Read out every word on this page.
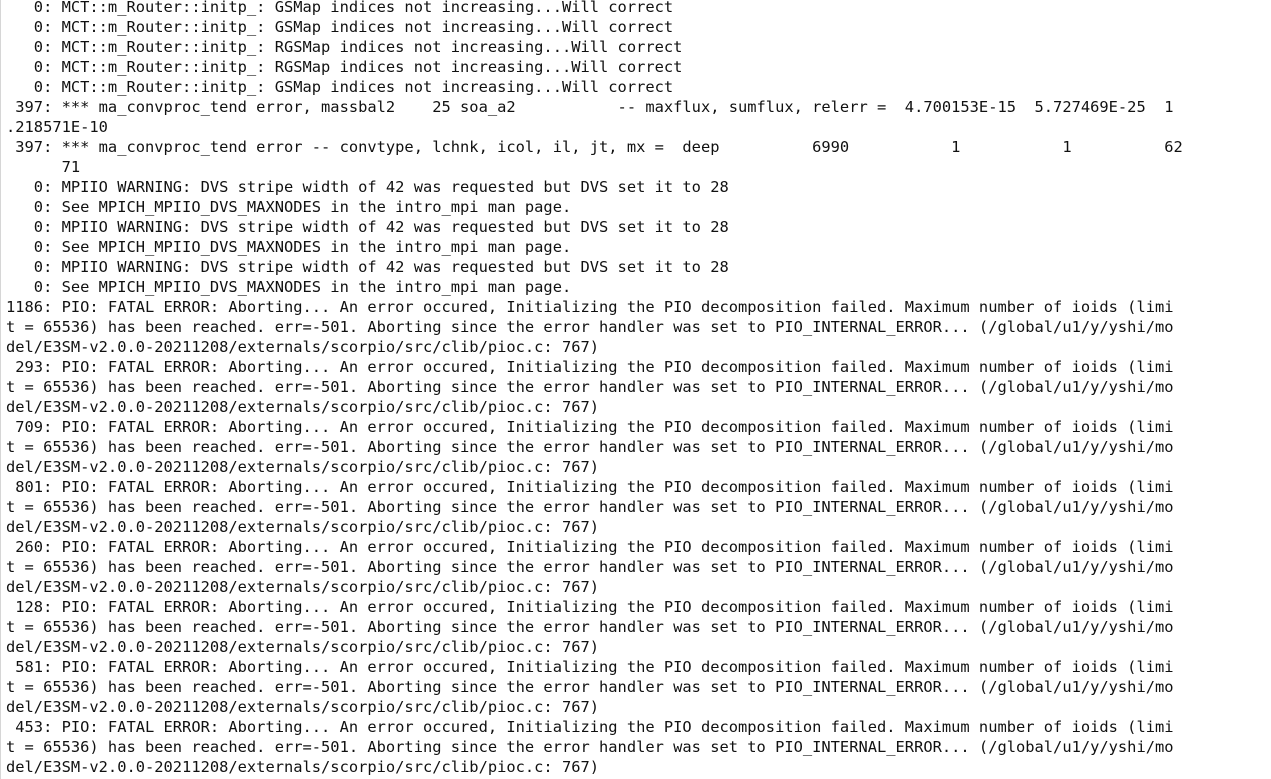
0: MCT::m_Router::initp_: GSMap indices not increasing...Will correct
0: MCT::m_Router::initp_: GSMap indices not increasing...Will correct
0: MCT::m_Router::initp_: RGSMap indices not increasing...Will correct
0: MCT::m_Router::initp_: RGSMap indices not increasing...Will correct
0: MCT::m_Router::initp_: GSMap indices not increasing...Will correct
397: *** ma_convproc_tend error, massbal2    25 soa_a2           -- maxflux, sumflux, relerr =  4.700153E-15  5.727469E-25  1
.218571E-10
397: *** ma_convproc_tend error -- convtype, lchnk, icol, il, jt, mx =  deep          6990           1           1          62
71
0: MPIIO WARNING: DVS stripe width of 42 was requested but DVS set it to 28
0: See MPICH_MPIIO_DVS_MAXNODES in the intro_mpi man page.
0: MPIIO WARNING: DVS stripe width of 42 was requested but DVS set it to 28
0: See MPICH_MPIIO_DVS_MAXNODES in the intro_mpi man page.
0: MPIIO WARNING: DVS stripe width of 42 was requested but DVS set it to 28
0: See MPICH_MPIIO_DVS_MAXNODES in the intro_mpi man page.
1186: PIO: FATAL ERROR: Aborting... An error occured, Initializing the PIO decomposition failed. Maximum number of ioids (limi
t = 65536) has been reached. err=-501. Aborting since the error handler was set to PIO_INTERNAL_ERROR... (/global/u1/y/yshi/mo
del/E3SM-v2.0.0-20211208/externals/scorpio/src/clib/pioc.c: 767)
293: PIO: FATAL ERROR: Aborting... An error occured, Initializing the PIO decomposition failed. Maximum number of ioids (limi
t = 65536) has been reached. err=-501. Aborting since the error handler was set to PIO_INTERNAL_ERROR... (/global/u1/y/yshi/mo
del/E3SM-v2.0.0-20211208/externals/scorpio/src/clib/pioc.c: 767)
709: PIO: FATAL ERROR: Aborting... An error occured, Initializing the PIO decomposition failed. Maximum number of ioids (limi
t = 65536) has been reached. err=-501. Aborting since the error handler was set to PIO_INTERNAL_ERROR... (/global/u1/y/yshi/mo
del/E3SM-v2.0.0-20211208/externals/scorpio/src/clib/pioc.c: 767)
801: PIO: FATAL ERROR: Aborting... An error occured, Initializing the PIO decomposition failed. Maximum number of ioids (limi
t = 65536) has been reached. err=-501. Aborting since the error handler was set to PIO_INTERNAL_ERROR... (/global/u1/y/yshi/mo
del/E3SM-v2.0.0-20211208/externals/scorpio/src/clib/pioc.c: 767)
260: PIO: FATAL ERROR: Aborting... An error occured, Initializing the PIO decomposition failed. Maximum number of ioids (limi
t = 65536) has been reached. err=-501. Aborting since the error handler was set to PIO_INTERNAL_ERROR... (/global/u1/y/yshi/mo
del/E3SM-v2.0.0-20211208/externals/scorpio/src/clib/pioc.c: 767)
128: PIO: FATAL ERROR: Aborting... An error occured, Initializing the PIO decomposition failed. Maximum number of ioids (limi
t = 65536) has been reached. err=-501. Aborting since the error handler was set to PIO_INTERNAL_ERROR... (/global/u1/y/yshi/mo
del/E3SM-v2.0.0-20211208/externals/scorpio/src/clib/pioc.c: 767)
581: PIO: FATAL ERROR: Aborting... An error occured, Initializing the PIO decomposition failed. Maximum number of ioids (limi
t = 65536) has been reached. err=-501. Aborting since the error handler was set to PIO_INTERNAL_ERROR... (/global/u1/y/yshi/mo
del/E3SM-v2.0.0-20211208/externals/scorpio/src/clib/pioc.c: 767)
453: PIO: FATAL ERROR: Aborting... An error occured, Initializing the PIO decomposition failed. Maximum number of ioids (limi
t = 65536) has been reached. err=-501. Aborting since the error handler was set to PIO_INTERNAL_ERROR... (/global/u1/y/yshi/mo
del/E3SM-v2.0.0-20211208/externals/scorpio/src/clib/pioc.c: 767)
